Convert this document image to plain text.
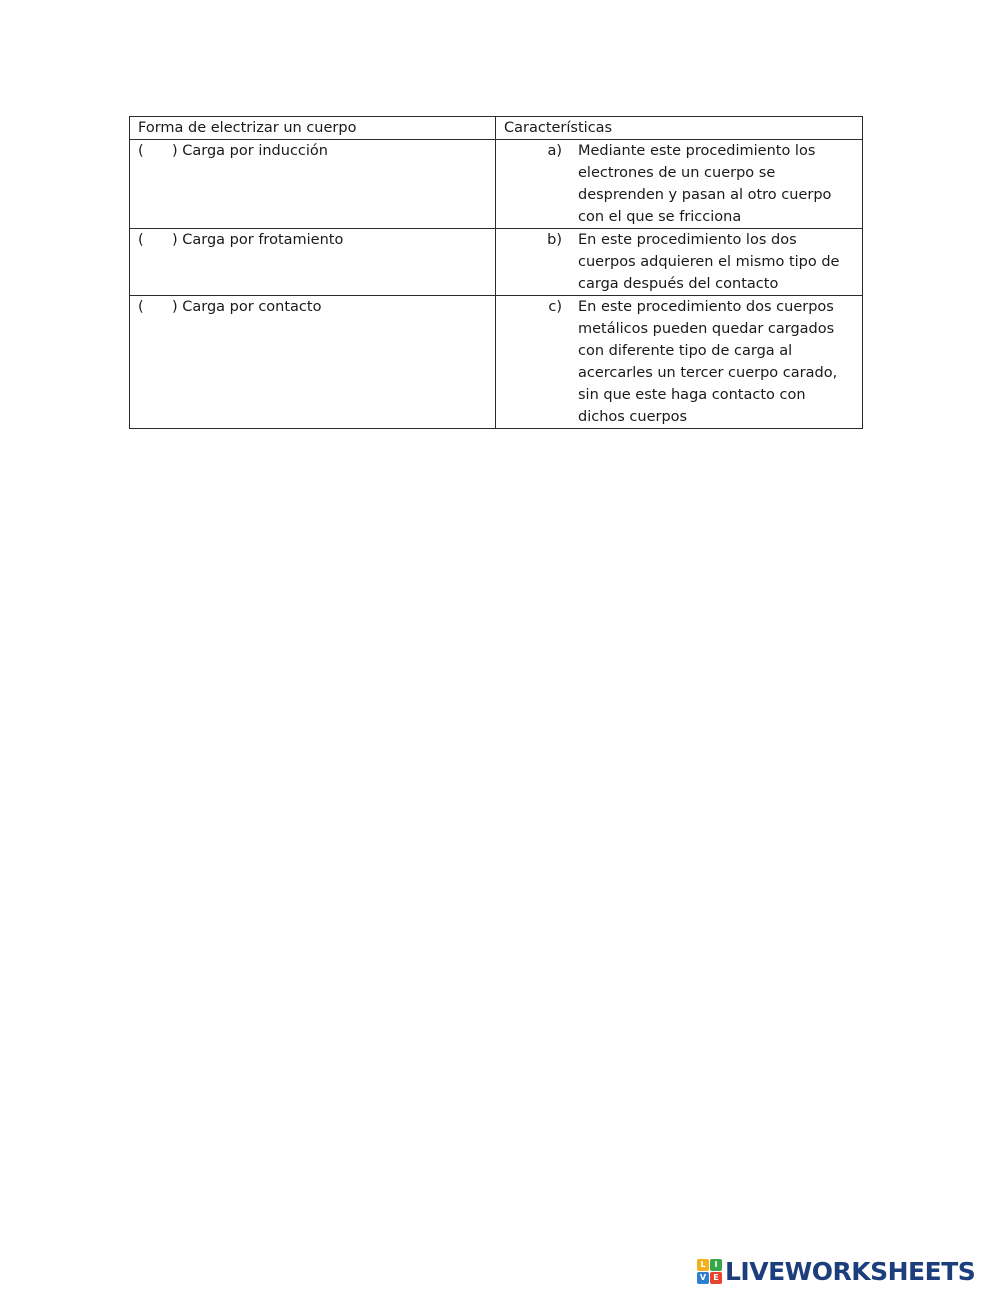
Forma de electrizar un cuerpo	Características
( ) Carga por inducción	a) Mediante este procedimiento los electrones de un cuerpo se desprenden y pasan al otro cuerpo con el que se fricciona

( ) Carga por frotamiento	b) En este procedimiento los dos cuerpos adquieren el mismo tipo de carga después del contacto

( ) Carga por contacto	c) En este procedimiento dos cuerpos metálicos pueden quedar cargados con diferente tipo de carga al acercarles un tercer cuerpo carado, sin que este haga contacto con dichos cuerpos
L	I
V E LIVEWORKSHEETS
